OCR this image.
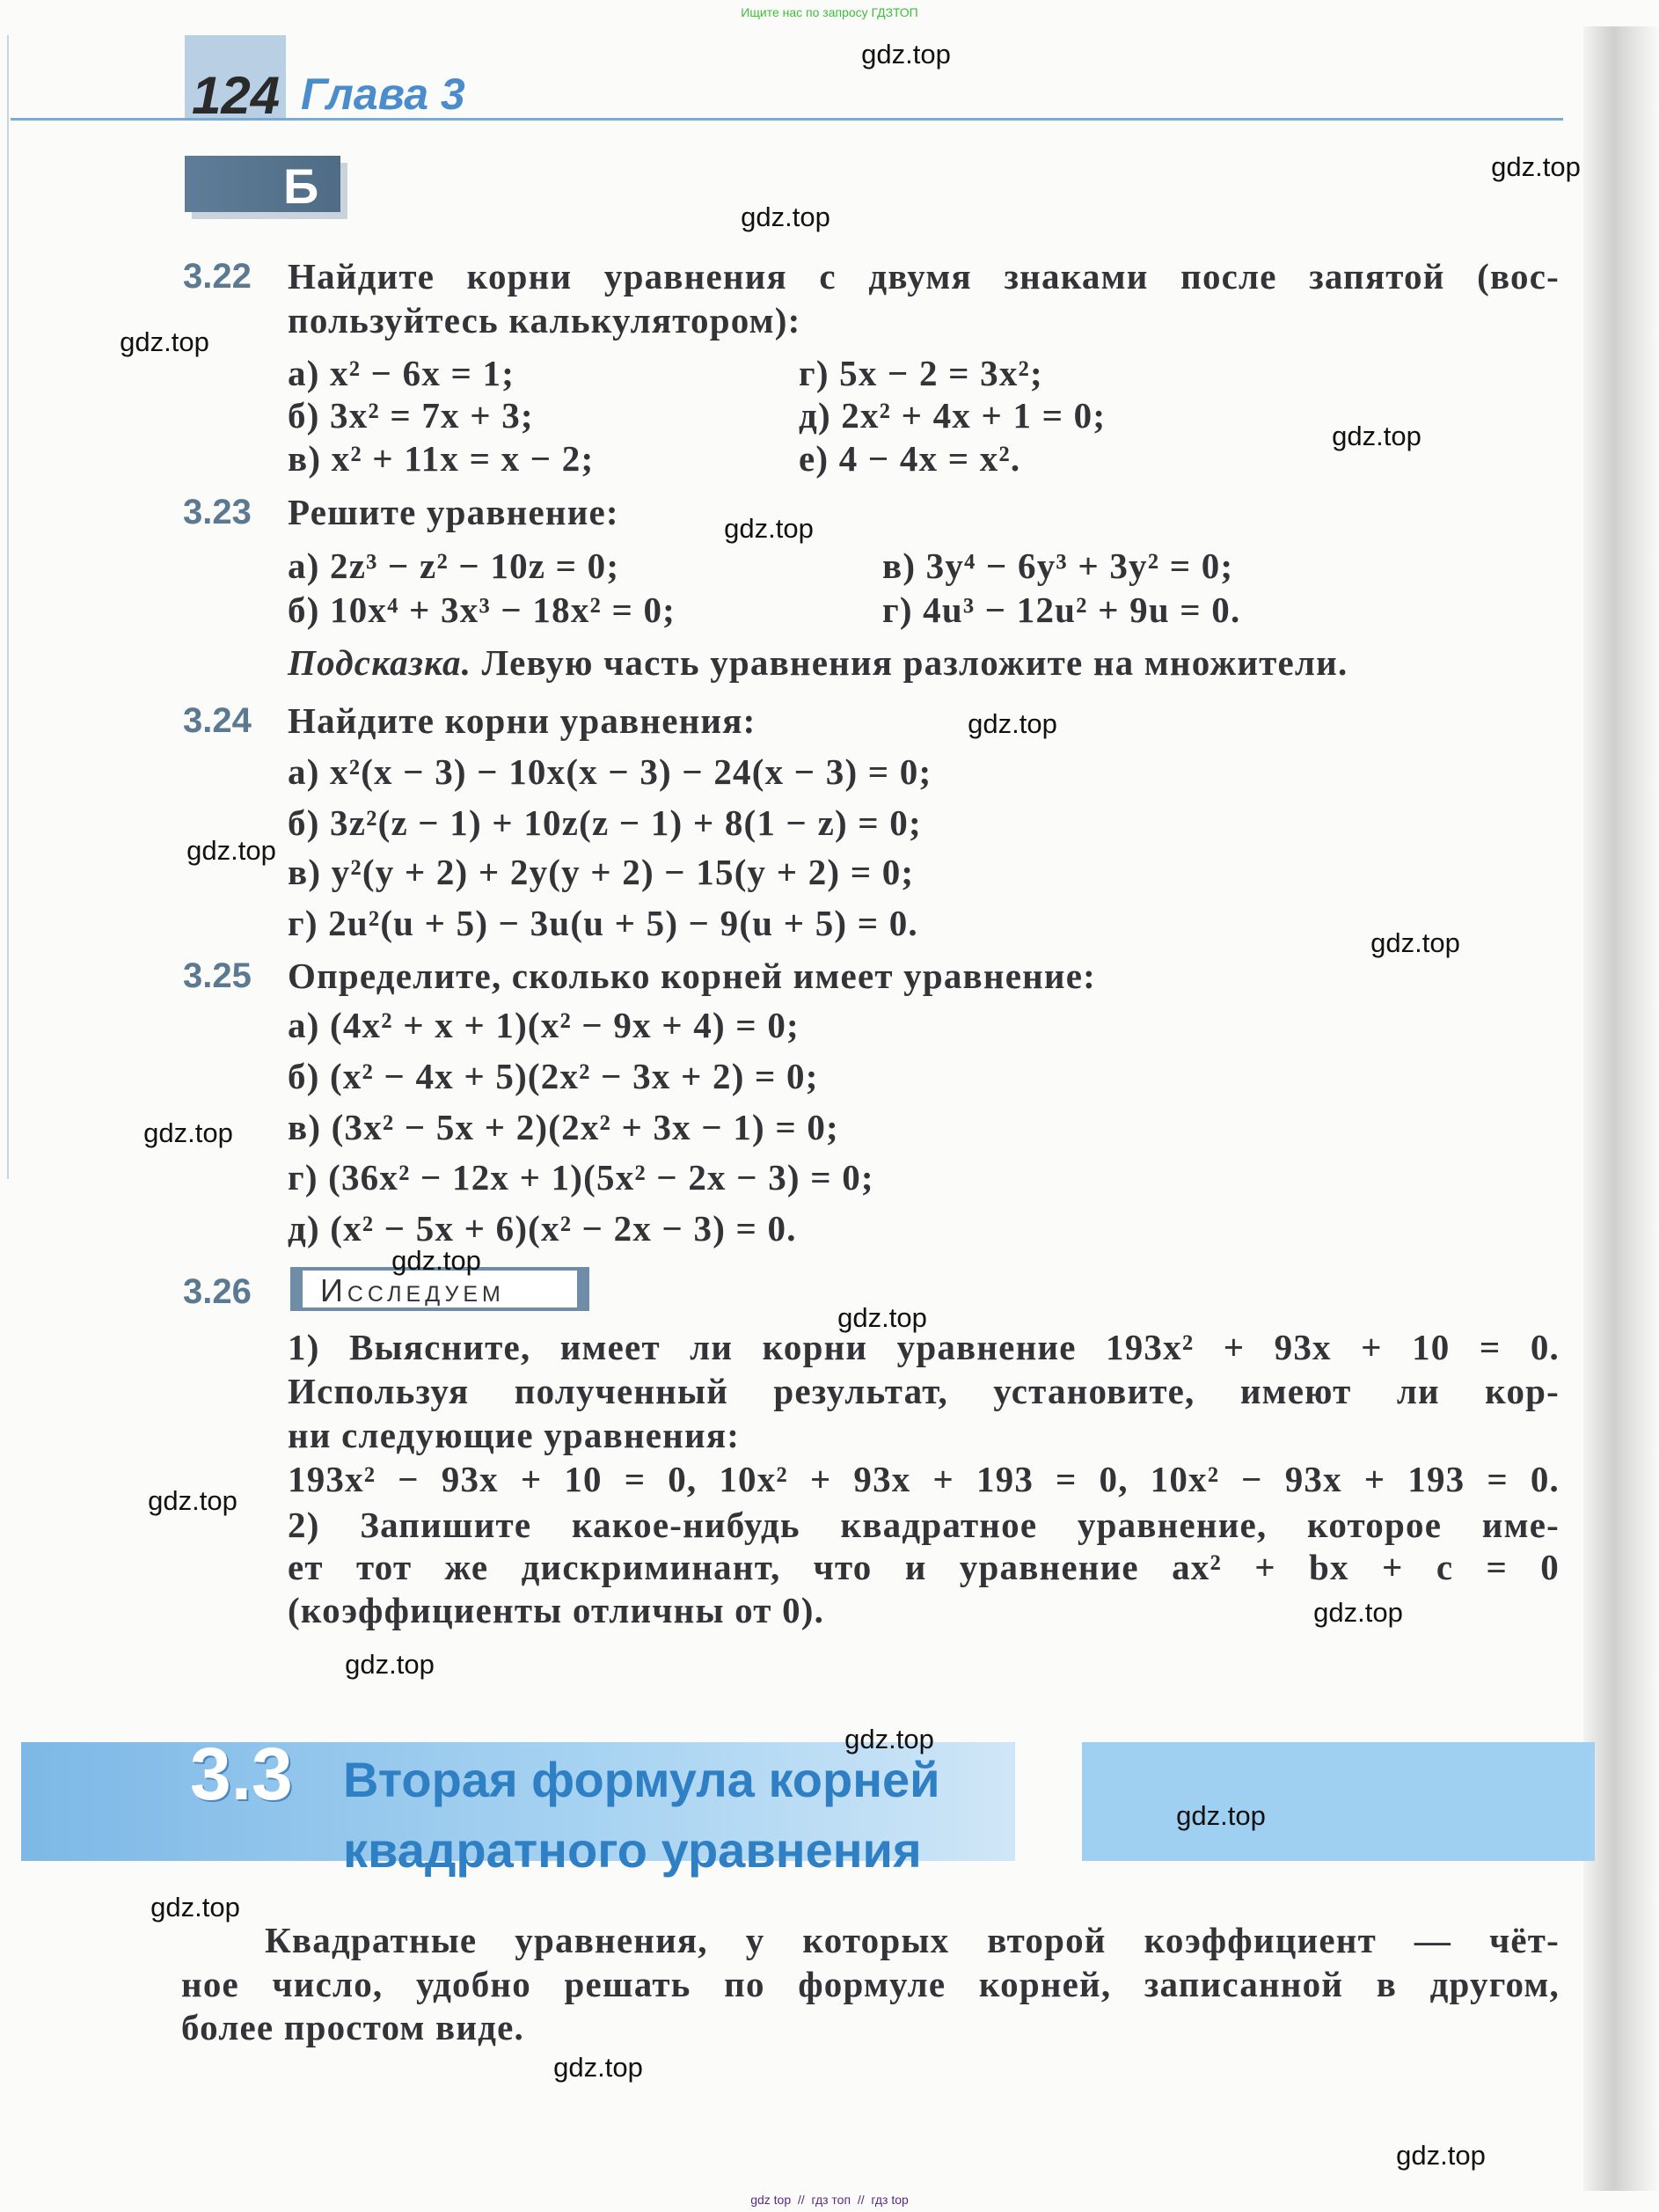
Ищите нас по запросу ГДЗТОП
gdz top  //  гдз топ  //  гдз top
124 Глава 3
Б
3.22 Найдите корни уравнения с двумя знаками после запятой (вос-
пользуйтесь калькулятором):
а) x² − 6x = 1;	г) 5x − 2 = 3x²;
б) 3x² = 7x + 3;	д) 2x² + 4x + 1 = 0;
в) x² + 11x = x − 2;	е) 4 − 4x = x².
3.23 Решите уравнение:
а) 2z³ − z² − 10z = 0;	в) 3y⁴ − 6y³ + 3y² = 0;
б) 10x⁴ + 3x³ − 18x² = 0;	г) 4u³ − 12u² + 9u = 0.
Подсказка. Левую часть уравнения разложите на множители.
3.24 Найдите корни уравнения:
а) x²(x − 3) − 10x(x − 3) − 24(x − 3) = 0;
б) 3z²(z − 1) + 10z(z − 1) + 8(1 − z) = 0;
в) y²(y + 2) + 2y(y + 2) − 15(y + 2) = 0;
г) 2u²(u + 5) − 3u(u + 5) − 9(u + 5) = 0.
3.25 Определите, сколько корней имеет уравнение:
а) (4x² + x + 1)(x² − 9x + 4) = 0;
б) (x² − 4x + 5)(2x² − 3x + 2) = 0;
в) (3x² − 5x + 2)(2x² + 3x − 1) = 0;
г) (36x² − 12x + 1)(5x² − 2x − 3) = 0;
д) (x² − 5x + 6)(x² − 2x − 3) = 0.
3.26 Исследуем
1) Выясните, имеет ли корни уравнение 193x² + 93x + 10 = 0.
Используя полученный результат, установите, имеют ли кор-
ни следующие уравнения:
193x² − 93x + 10 = 0, 10x² + 93x + 193 = 0, 10x² − 93x + 193 = 0.
2) Запишите какое-нибудь квадратное уравнение, которое име-
ет тот же дискриминант, что и уравнение ax² + bx + c = 0
(коэффициенты отличны от 0).
3.3 Вторая формула корней
квадратного уравнения
Квадратные уравнения, у которых второй коэффициент — чёт-
ное число, удобно решать по формуле корней, записанной в другом,
более простом виде.
gdz.top
gdz.top
gdz.top
gdz.top
gdz.top
gdz.top
gdz.top
gdz.top
gdz.top
gdz.top
gdz.top
gdz.top
gdz.top
gdz.top
gdz.top
gdz.top
gdz.top
gdz.top
gdz.top
gdz.top
